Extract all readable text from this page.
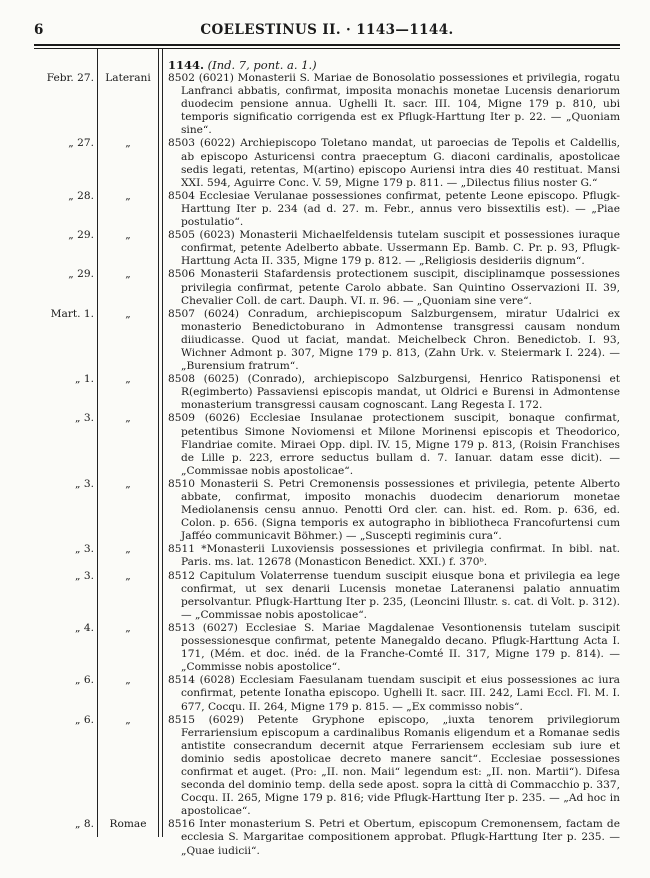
6	COELESTINUS II. · 1143—1144.
1144. (Ind. 7, pont. a. 1.)
Febr. 27.	Laterani	8502 (6021) Monasterii S. Mariae de Bonosolatio possessiones et privilegia, rogatu Lanfranci abbatis, confirmat, imposita monachis monetae Lucensis denariorum duodecim pensione annua. Ughelli It. sacr. III. 104, Migne 179 p. 810, ubi temporis significatio corrigenda est ex Pflugk-Harttung Iter p. 22. — „Quoniam sine“.
„ 27.	„	8503 (6022) Archiepiscopo Toletano mandat, ut paroecias de Tepolis et Caldellis, ab episcopo Asturicensi contra praeceptum G. diaconi cardinalis, apostolicae sedis legati, retentas, M(artino) episcopo Auriensi intra dies 40 restituat. Mansi XXI. 594, Aguirre Conc. V. 59, Migne 179 p. 811. — „Dilectus filius noster G.“
„ 28.	„	8504 Ecclesiae Verulanae possessiones confirmat, petente Leone episcopo. Pflugk-Harttung Iter p. 234 (ad d. 27. m. Febr., annus vero bissextilis est). — „Piae postulatio“.
„ 29.	„	8505 (6023) Monasterii Michaelfeldensis tutelam suscipit et possessiones iuraque confirmat, petente Adelberto abbate. Ussermann Ep. Bamb. C. Pr. p. 93, Pflugk-Harttung Acta II. 335, Migne 179 p. 812. — „Religiosis desideriis dignum“.
„ 29.	„	8506 Monasterii Stafardensis protectionem suscipit, disciplinamque possessiones privilegia confirmat, petente Carolo abbate. San Quintino Osservazioni II. 39, Chevalier Coll. de cart. Dauph. VI. ɪɪ. 96. — „Quoniam sine vere“.
Mart. 1.	„	8507 (6024) Conradum, archiepiscopum Salzburgensem, miratur Udalrici ex monasterio Benedictoburano in Admontense transgressi causam nondum diiudicasse. Quod ut faciat, mandat. Meichelbeck Chron. Benedictob. I. 93, Wichner Admont p. 307, Migne 179 p. 813, (Zahn Urk. v. Steiermark I. 224). — „Burensium fratrum“.
„ 1.	„	8508 (6025) (Conrado), archiepiscopo Salzburgensi, Henrico Ratisponensi et R(egimberto) Passaviensi episcopis mandat, ut Oldrici e Burensi in Admontense monasterium transgressi causam cognoscant. Lang Regesta I. 172.
„ 3.	„	8509 (6026) Ecclesiae Insulanae protectionem suscipit, bonaque confirmat, petentibus Simone Noviomensi et Milone Morinensi episcopis et Theodorico, Flandriae comite. Miraei Opp. dipl. IV. 15, Migne 179 p. 813, (Roisin Franchises de Lille p. 223, errore seductus bullam d. 7. Ianuar. datam esse dicit). — „Commissae nobis apostolicae“.
„ 3.	„	8510 Monasterii S. Petri Cremonensis possessiones et privilegia, petente Alberto abbate, confirmat, imposito monachis duodecim denariorum monetae Mediolanensis censu annuo. Penotti Ord cler. can. hist. ed. Rom. p. 636, ed. Colon. p. 656. (Signa temporis ex autographo in bibliotheca Francofurtensi cum Jafféo communicavit Böhmer.) — „Suscepti regiminis cura“.
„ 3.	„	8511 *Monasterii Luxoviensis possessiones et privilegia confirmat. In bibl. nat. Paris. ms. lat. 12678 (Monasticon Benedict. XXI.) f. 370ᵇ.
„ 3.	„	8512 Capitulum Volaterrense tuendum suscipit eiusque bona et privilegia ea lege confirmat, ut sex denarii Lucensis monetae Lateranensi palatio annuatim persolvantur. Pflugk-Harttung Iter p. 235, (Leoncini Illustr. s. cat. di Volt. p. 312). — „Commissae nobis apostolicae“.
„ 4.	„	8513 (6027) Ecclesiae S. Mariae Magdalenae Vesontionensis tutelam suscipit possessionesque confirmat, petente Manegaldo decano. Pflugk-Harttung Acta I. 171, (Mém. et doc. inéd. de la Franche-Comté II. 317, Migne 179 p. 814). — „Commisse nobis apostolice“.
„ 6.	„	8514 (6028) Ecclesiam Faesulanam tuendam suscipit et eius possessiones ac iura confirmat, petente Ionatha episcopo. Ughelli It. sacr. III. 242, Lami Eccl. Fl. M. I. 677, Cocqu. II. 264, Migne 179 p. 815. — „Ex commisso nobis“.
„ 6.	„	8515 (6029) Petente Gryphone episcopo, „iuxta tenorem privilegiorum Ferrariensium episcopum a cardinalibus Romanis eligendum et a Romanae sedis antistite consecrandum decernit atque Ferrariensem ecclesiam sub iure et dominio sedis apostolicae decreto manere sancit“. Ecclesiae possessiones confirmat et auget. (Pro: „II. non. Maii“ legendum est: „II. non. Martii“). Difesa seconda del dominio temp. della sede apost. sopra la città di Commacchio p. 337, Cocqu. II. 265, Migne 179 p. 816; vide Pflugk-Harttung Iter p. 235. — „Ad hoc in apostolicae“.
„ 8.	Romae	8516 Inter monasterium S. Petri et Obertum, episcopum Cremonensem, factam de ecclesia S. Margaritae compositionem approbat. Pflugk-Harttung Iter p. 235. — „Quae iudicii“.
